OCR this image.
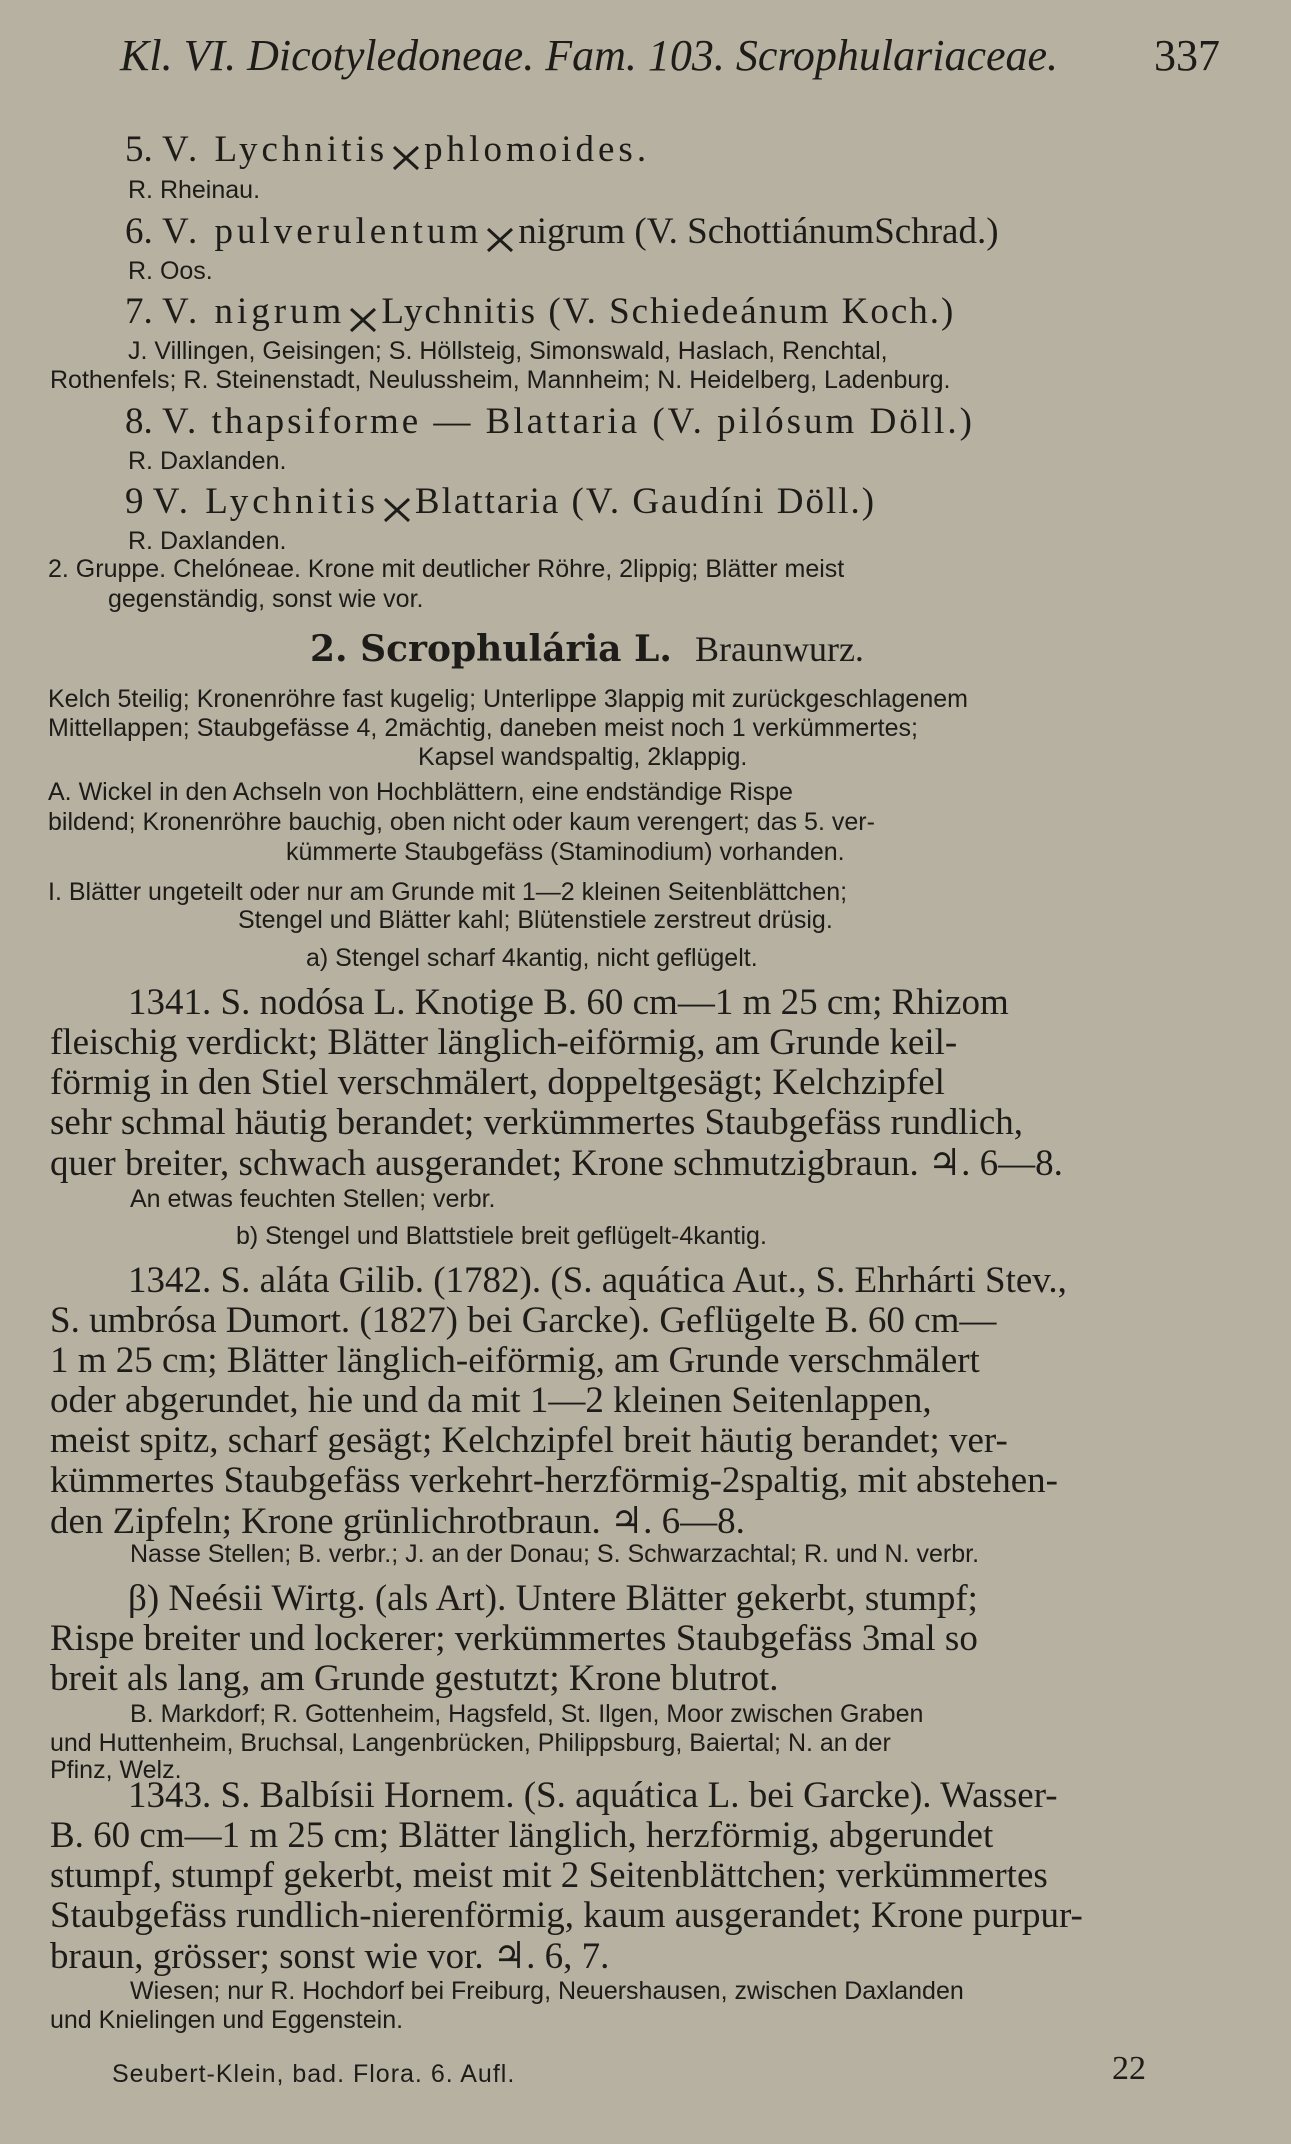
Kl. VI. Dicotyledoneae. Fam. 103. Scrophulariaceae. 337
5. V. Lychnitis phlomoides.
R. Rheinau.
6. V. pulverulentum nigrum (V. SchottiánumSchrad.)
R. Oos.
7. V. nigrum Lychnitis (V. Schiedeánum Koch.)
J. Villingen, Geisingen; S. Höllsteig, Simonswald, Haslach, Renchtal,
Rothenfels; R. Steinenstadt, Neulussheim, Mannheim; N. Heidelberg, Ladenburg.
8. V. thapsiforme — Blattaria (V. pilósum Döll.)
R. Daxlanden.
9 V. Lychnitis Blattaria (V. Gaudíni Döll.)
R. Daxlanden.
2. Gruppe. Chelóneae. Krone mit deutlicher Röhre, 2lippig; Blätter meist
gegenständig, sonst wie vor.
2. Scrophulária L. Braunwurz.
Kelch 5teilig; Kronenröhre fast kugelig; Unterlippe 3lappig mit zurückgeschlagenem
Mittellappen; Staubgefässe 4, 2mächtig, daneben meist noch 1 verkümmertes;
Kapsel wandspaltig, 2klappig.
A. Wickel in den Achseln von Hochblättern, eine endständige Rispe
bildend; Kronenröhre bauchig, oben nicht oder kaum verengert; das 5. ver-
kümmerte Staubgefäss (Staminodium) vorhanden.
I. Blätter ungeteilt oder nur am Grunde mit 1—2 kleinen Seitenblättchen;
Stengel und Blätter kahl; Blütenstiele zerstreut drüsig.
a) Stengel scharf 4kantig, nicht geflügelt.
1341. S. nodósa L. Knotige B. 60 cm—1 m 25 cm; Rhizom
fleischig verdickt; Blätter länglich-eiförmig, am Grunde keil-
förmig in den Stiel verschmälert, doppeltgesägt; Kelchzipfel
sehr schmal häutig berandet; verkümmertes Staubgefäss rundlich,
quer breiter, schwach ausgerandet; Krone schmutzigbraun. ♃. 6—8.
An etwas feuchten Stellen; verbr.
b) Stengel und Blattstiele breit geflügelt-4kantig.
1342. S. aláta Gilib. (1782). (S. aquática Aut., S. Ehrhárti Stev.,
S. umbrósa Dumort. (1827) bei Garcke). Geflügelte B. 60 cm—
1 m 25 cm; Blätter länglich-eiförmig, am Grunde verschmälert
oder abgerundet, hie und da mit 1—2 kleinen Seitenlappen,
meist spitz, scharf gesägt; Kelchzipfel breit häutig berandet; ver-
kümmertes Staubgefäss verkehrt-herzförmig-2spaltig, mit abstehen-
den Zipfeln; Krone grünlichrotbraun. ♃. 6—8.
Nasse Stellen; B. verbr.; J. an der Donau; S. Schwarzachtal; R. und N. verbr.
β) Neésii Wirtg. (als Art). Untere Blätter gekerbt, stumpf;
Rispe breiter und lockerer; verkümmertes Staubgefäss 3mal so
breit als lang, am Grunde gestutzt; Krone blutrot.
B. Markdorf; R. Gottenheim, Hagsfeld, St. Ilgen, Moor zwischen Graben
und Huttenheim, Bruchsal, Langenbrücken, Philippsburg, Baiertal; N. an der
Pfinz, Welz.
1343. S. Balbísii Hornem. (S. aquática L. bei Garcke). Wasser-
B. 60 cm—1 m 25 cm; Blätter länglich, herzförmig, abgerundet
stumpf, stumpf gekerbt, meist mit 2 Seitenblättchen; verkümmertes
Staubgefäss rundlich-nierenförmig, kaum ausgerandet; Krone purpur-
braun, grösser; sonst wie vor. ♃. 6, 7.
Wiesen; nur R. Hochdorf bei Freiburg, Neuershausen, zwischen Daxlanden
und Knielingen und Eggenstein.
Seubert-Klein, bad. Flora. 6. Aufl.	22
